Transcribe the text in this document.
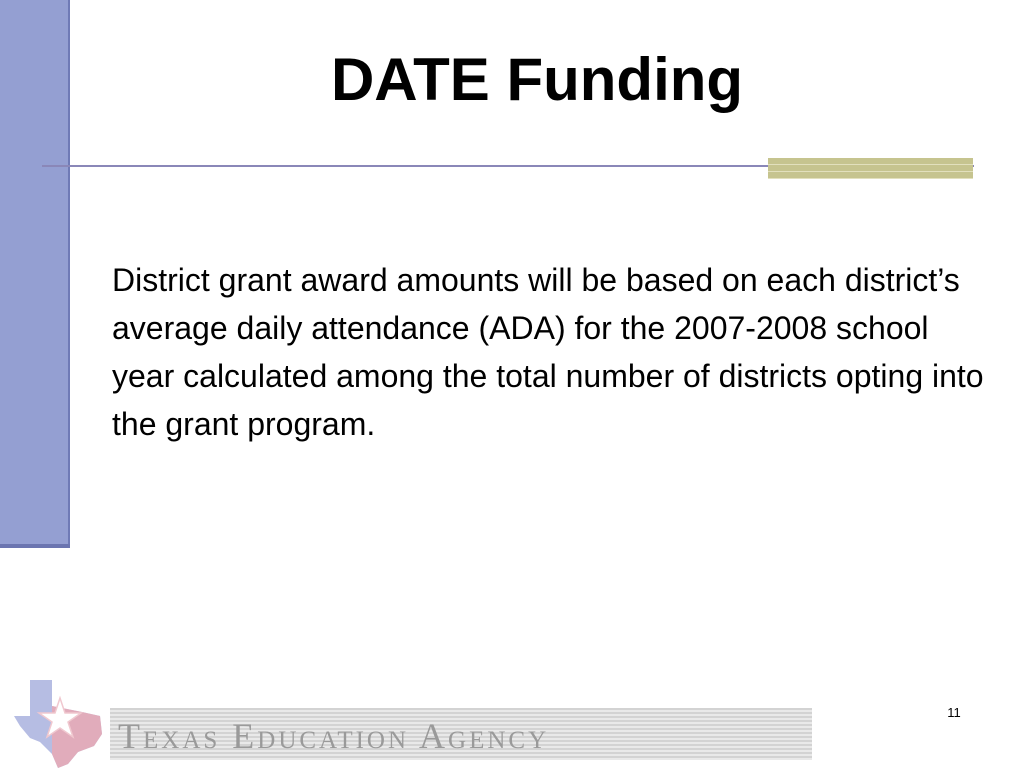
DATE Funding

District grant award amounts will be based on each district’s average daily attendance (ADA) for the 2007-2008 school year calculated among the total number of districts opting into the grant program.

11
Texas Education Agency
